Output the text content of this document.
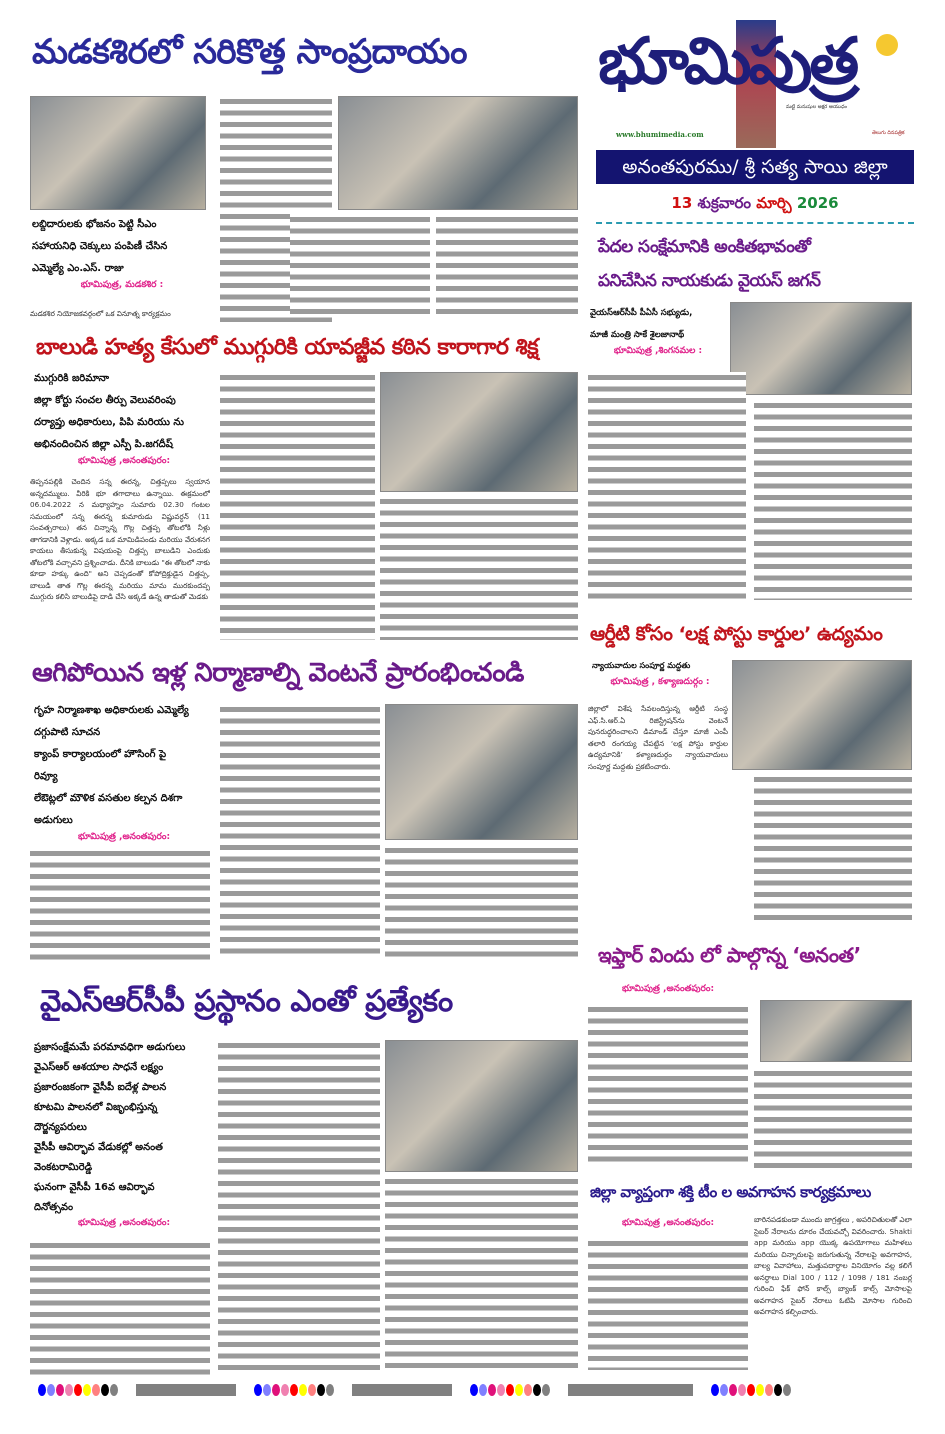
మడకశిరలో సరికొత్త సాంప్రదాయం
లబ్దిదారులకు భోజనం పెట్టి సీఎం
సహాయనిధి చెక్కులు పంపిణీ చేసిన
ఎమ్మెల్యే ఎం.ఎస్. రాజు
భూమిపుత్ర, మడకశిర :
మడకశిర నియోజకవర్గంలో ఒక వినూత్న కార్యక్రమం
బాలుడి హత్య కేసులో ముగ్గురికి యావజ్జీవ కఠిన కారాగార శిక్ష
ముగ్గురికి జరిమానా
జిల్లా కోర్టు సంచల తీర్పు వెలువరింపు
దర్యాప్తు అధికారులు, పిపి మరియు ను
అభినందించిన జిల్లా ఎస్పీ పి.జగదీష్
భూమిపుత్ర ,అనంతపురం:
తిప్పనపల్లికి చెందిన సన్న ఈరన్న, చిత్తప్పలు స్వయాన అన్నదమ్ములు. వీరికి భూ తగాదాలు ఉన్నాయి. ఈక్రమంలో 06.04.2022 న మధ్యాహ్నం సుమారు 02.30 గంటల సమయంలో సన్న ఈరన్న కుమారుడు విష్ణువర్ధన్ (11 సంవత్సరాలు) తన చిన్నాన్న గొల్ల చిత్తప్ప తోటలోకి నీళ్లు తాగడానికి వెళ్లాడు. అక్కడ ఒక మామిడిపండు మరియు వేరుశనగ కాయలు తీసుకున్న విషయంపై చిత్తప్ప బాలుడిని ఎందుకు తోటలోకి వచ్చావని ప్రశ్నించాడు. దీనికి బాలుడు "ఈ తోటలో నాకు కూడా హక్కు ఉంది" అని చెప్పడంతో కోపోద్రిక్తుడైన చిత్తప్ప, బాలుడి తాత గొల్ల ఈరన్న మరియు మామ మురకుందప్ప ముగ్గురు కలిసి బాలుడిపై దాడి చేసి అక్కడే ఉన్న తాడుతో మెడకు
ఆగిపోయిన ఇళ్ల నిర్మాణాల్ని వెంటనే ప్రారంభించండి
గృహ నిర్మాణశాఖ అధికారులకు ఎమ్మెల్యే
దగ్గుపాటి సూచన
క్యాంప్ కార్యాలయంలో హౌసింగ్ పై
రివ్యూ
లేఔట్లలో మౌళిక వసతుల కల్పన దిశగా
అడుగులు
భూమిపుత్ర ,అనంతపురం:
వైఎస్ఆర్‌సీపీ ప్రస్థానం ఎంతో ప్రత్యేకం
ప్రజాసంక్షేమమే పరమావధిగా అడుగులు
వైఎస్ఆర్ ఆశయాల సాధనే లక్ష్యం
ప్రజారంజకంగా వైసీపీ ఐదేళ్ల పాలన
కూటమి పాలనలో విజృంభిస్తున్న
దౌర్జన్యపరులు
వైసీపీ ఆవిర్భావ వేడుకల్లో అనంత
వెంకటరామిరెడ్డి
ఘనంగా వైసీపీ 16వ ఆవిర్భావ
దినోత్సవం
భూమిపుత్ర ,అనంతపురం:
భూమిపుత్ర
మట్టి మనుషుల అక్షర ఆయుధం
www.bhumimedia.com	తెలుగు దినపత్రిక
అనంతపురము/ శ్రీ సత్య సాయి జిల్లా
13 శుక్రవారం మార్చి 2026
పేదల సంక్షేమానికి అంకితభావంతో పనిచేసిన నాయకుడు వైయస్ జగన్
వైయస్ఆర్‌సీపీ పీఏసీ సభ్యుడు,
మాజీ మంత్రి సాకే శైలజానాథ్
భూమిపుత్ర ,శింగనమల :
ఆర్డీటి కోసం ‘లక్ష పోస్టు కార్డుల’ ఉద్యమం
న్యాయవాదుల సంపూర్ణ మద్దతు
భూమిపుత్ర , కళ్యాణదుర్గం :
జిల్లాలో విశేష సేవలందిస్తున్న ఆర్డీటి సంస్థ ఎఫ్.సి.ఆర్.ఏ రిజిస్ట్రేషన్‌ను వెంటనే పునరుద్ధరించాలని డిమాండ్ చేస్తూ మాజీ ఎంపీ తలారి రంగయ్య చేపట్టిన ‘లక్ష పోస్టు కార్డుల ఉద్యమానికి’ కళ్యాణదుర్గం న్యాయవాదులు సంపూర్ణ మద్దతు ప్రకటించారు.
ఇఫ్తార్ విందు లో పాల్గొన్న ‘అనంత’
భూమిపుత్ర ,అనంతపురం:
జిల్లా వ్యాప్తంగా శక్తి టీం ల అవగాహన కార్యక్రమాలు
భూమిపుత్ర ,అనంతపురం:	బారినపడకుండా ముందు జాగ్రత్తలు , అపరిచితులతో ఎలా సైబర్ నేరాలను దూరం చేయవచ్చో వివరించారు. Shakti app మరియు app యొక్క ఉపయోగాలు మహిళలు మరియు చిన్నారులపై జరుగుతున్న నేరాలపై అవగాహన, బాల్య వివాహాలు, మత్తుపదార్థాల వినియోగం వల్ల కలిగే అనర్థాలు Dial 100 / 112 / 1098 / 181 నంబర్ల గురించి ఫేక్ ఫోన్ కాల్స్ బ్యాంక్ కాల్స్ మోసాలపై అవగాహన సైబర్ నేరాలు ఓటిపి మోసాల గురించి అవగాహన కల్పించారు.
